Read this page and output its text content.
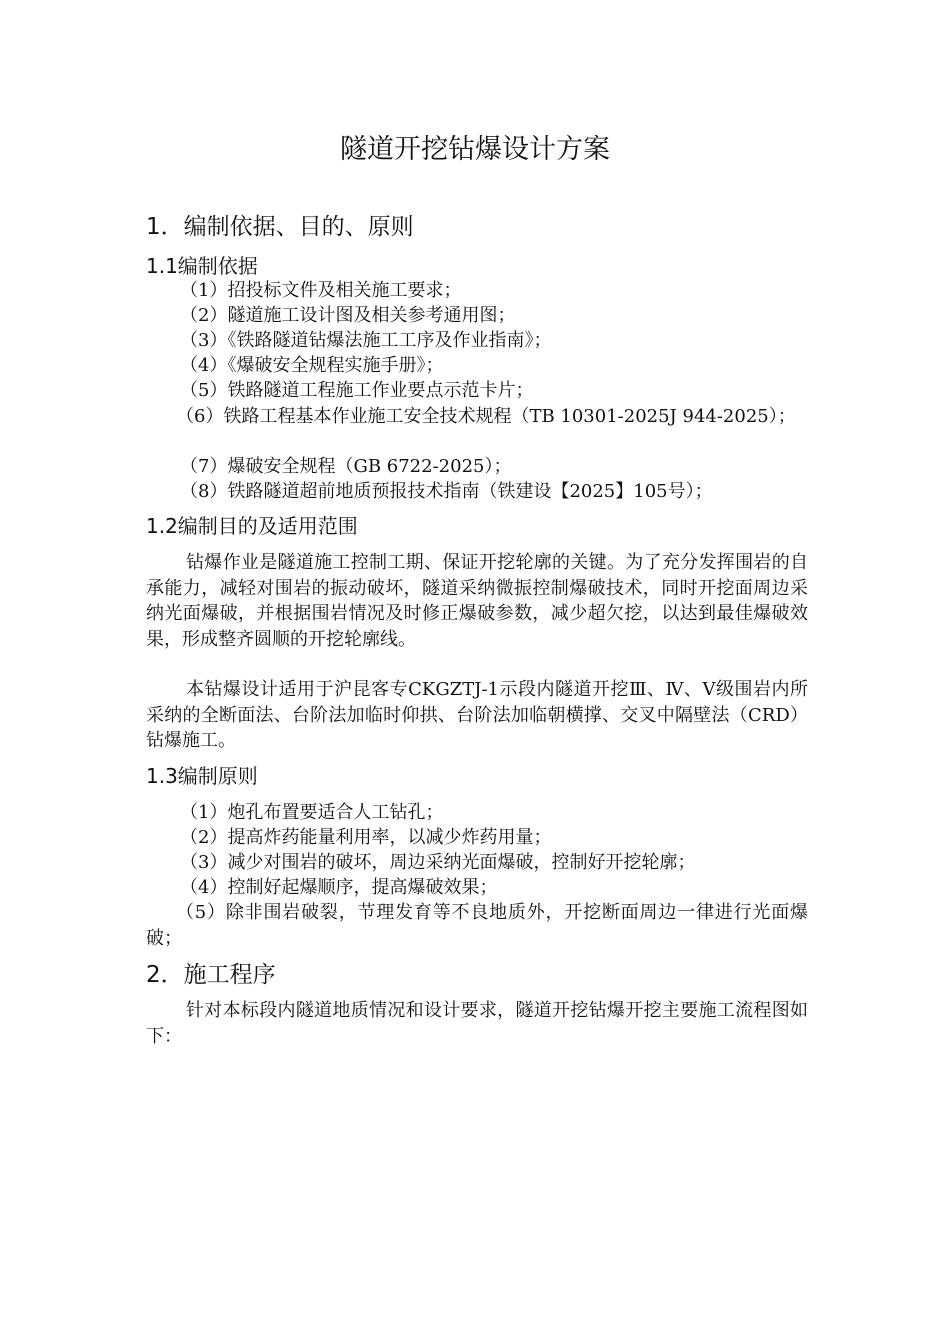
隧道开挖钻爆设计方案
1．编制依据、目的、原则
1.1编制依据

（1）招投标文件及相关施工要求；

（2）隧道施工设计图及相关参考通用图；

（3）《铁路隧道钻爆法施工工序及作业指南》；

（4）《爆破安全规程实施手册》；

（5）铁路隧道工程施工作业要点示范卡片；

（6）铁路工程基本作业施工安全技术规程（TB 10301-2025J 944-2025）；

（7）爆破安全规程（GB 6722-2025）；

（8）铁路隧道超前地质预报技术指南（铁建设【2025】105号）；

1.2编制目的及适用范围

钻爆作业是隧道施工控制工期、保证开挖轮廓的关键。为了充分发挥围岩的自承能力，减轻对围岩的振动破坏，隧道采纳微振控制爆破技术，同时开挖面周边采纳光面爆破，并根据围岩情况及时修正爆破参数，减少超欠挖，以达到最佳爆破效果，形成整齐圆顺的开挖轮廓线。

本钻爆设计适用于沪昆客专CKGZTJ-1示段内隧道开挖Ⅲ、Ⅳ、Ⅴ级围岩内所采纳的全断面法、台阶法加临时仰拱、台阶法加临朝横撑、交叉中隔壁法（CRD）钻爆施工。

1.3编制原则

（1）炮孔布置要适合人工钻孔；

（2）提高炸药能量利用率，以减少炸药用量；

（3）减少对围岩的破坏，周边采纳光面爆破，控制好开挖轮廓；

（4）控制好起爆顺序，提高爆破效果；

（5）除非围岩破裂，节理发育等不良地质外，开挖断面周边一律进行光面爆破；

2．施工程序

针对本标段内隧道地质情况和设计要求，隧道开挖钻爆开挖主要施工流程图如下：
